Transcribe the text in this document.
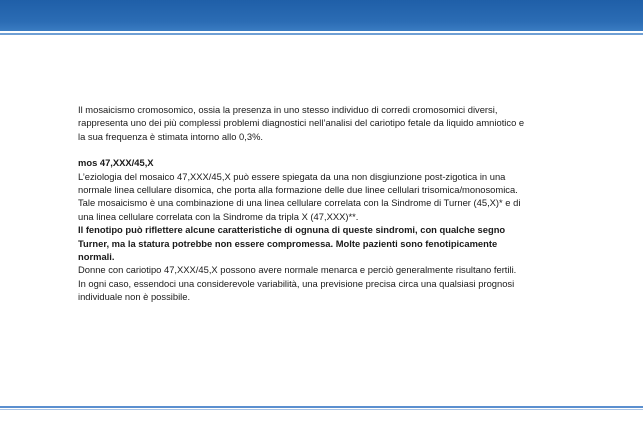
Il mosaicismo cromosomico, ossia la presenza in uno stesso individuo di corredi cromosomici diversi, rappresenta uno dei più complessi problemi diagnostici nell’analisi del cariotipo fetale da liquido amniotico e la sua frequenza è stimata intorno allo 0,3%.

mos 47,XXX/45,X

L’eziologia del mosaico 47,XXX/45,X può essere spiegata da una non disgiunzione post-zigotica in una normale linea cellulare disomica, che porta alla formazione delle due linee cellulari trisomica/monosomica.

Tale mosaicismo è una combinazione di una linea cellulare correlata con la Sindrome di Turner (45,X)* e di una linea cellulare correlata con la Sindrome da tripla X (47,XXX)**.

Il fenotipo può riflettere alcune caratteristiche di ognuna di queste sindromi, con qualche segno Turner, ma la statura potrebbe non essere compromessa. Molte pazienti sono fenotipicamente normali.

Donne con cariotipo 47,XXX/45,X possono avere normale menarca e perciò generalmente risultano fertili.

In ogni caso, essendoci una considerevole variabilità, una previsione precisa circa una qualsiasi prognosi individuale non è possibile.
